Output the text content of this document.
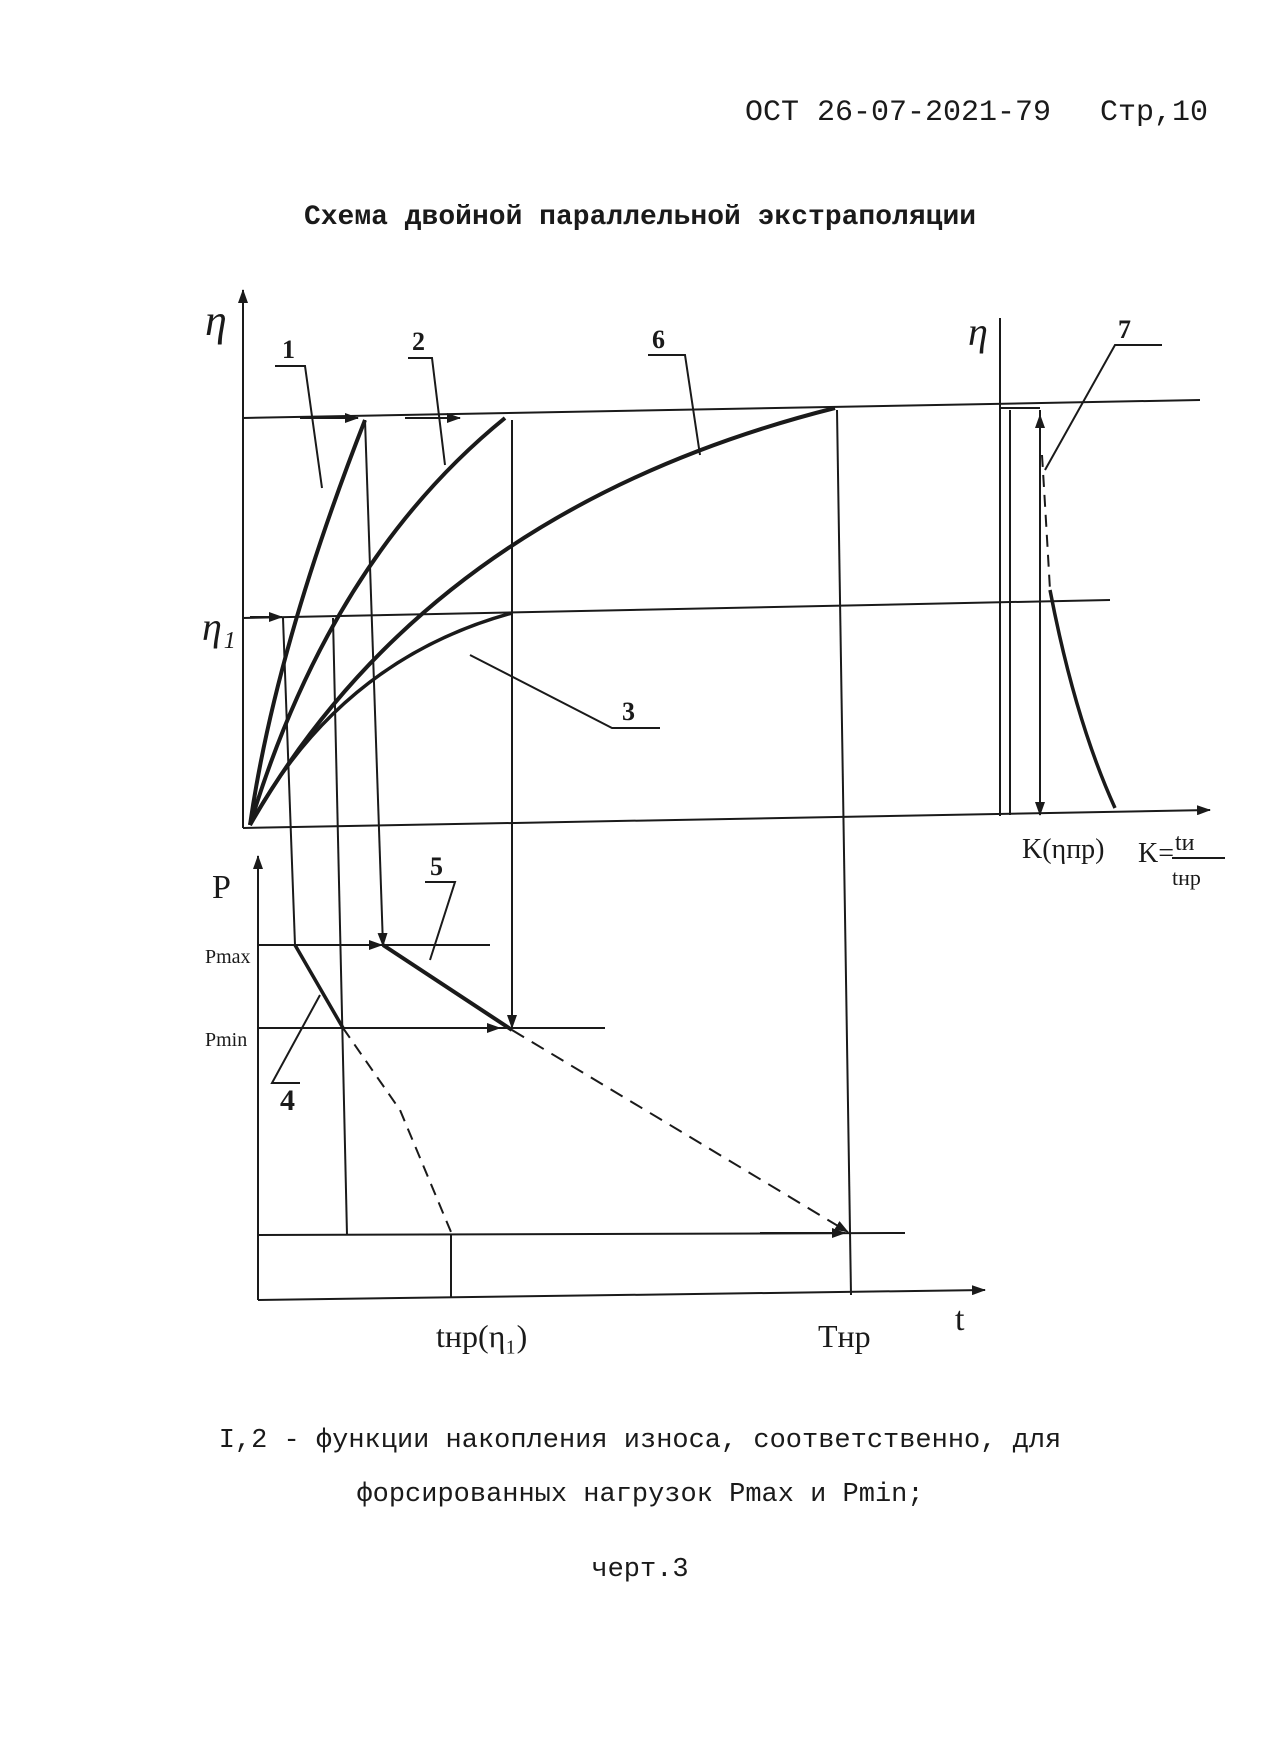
ОСТ 26-07-2021-79 Стр,10
Схема двойной параллельной экстраполяции
η	η
η₁
P
Pmax
Pmin
t
tнр(η₁)	Tнр
K(ηпр) K= tи
tнр
1	2
3
4
5
6	7
I,2 - функции накопления износа, соответственно, для
форсированных нагрузок Pmax и Pmin;
черт.3
